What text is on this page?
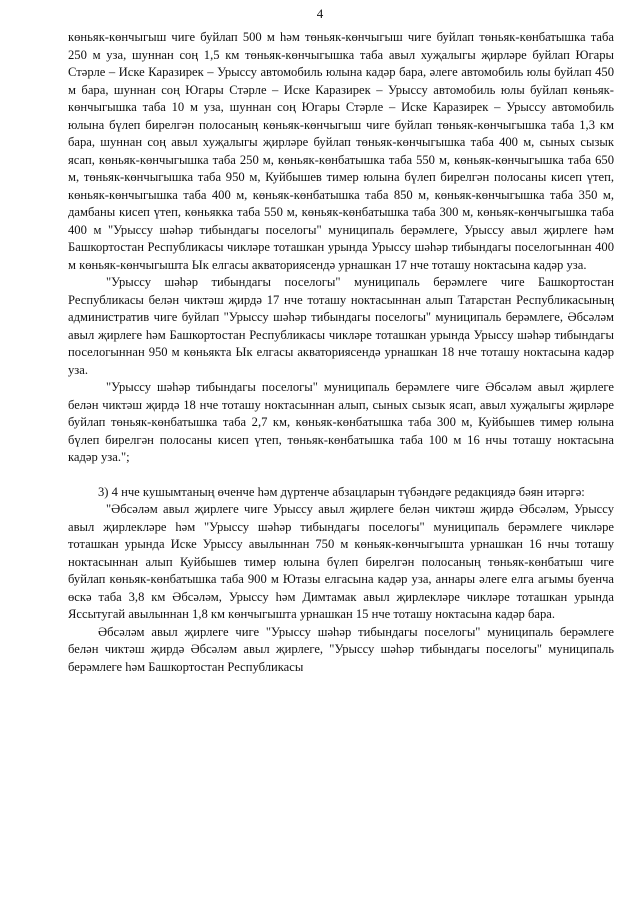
4

көньяк-көнчыгыш чиге буйлап 500 м һәм төньяк-көнчыгыш чиге буйлап төньяк-көнбатышка таба 250 м уза, шуннан соң 1,5 км төньяк-көнчыгышка таба авыл хуҗалыгы җирләре буйлап Югары Стәрле – Иске Каразирек – Урыссу автомобиль юлына кадәр бара, әлеге автомобиль юлы буйлап 450 м бара, шуннан соң Югары Стәрле – Иске Каразирек – Урыссу автомобиль юлы буйлап көньяк-көнчыгышка таба 10 м уза, шуннан соң Югары Стәрле – Иске Каразирек – Урыссу автомобиль юлына бүлеп бирелгән полосаның көньяк-көнчыгыш чиге буйлап төньяк-көнчыгышка таба 1,3 км бара, шуннан соң авыл хуҗалыгы җирләре буйлап төньяк-көнчыгышка таба 400 м, сыных сызык ясап, көньяк-көнчыгышка таба 250 м, көньяк-көнбатышка таба 550 м, көньяк-көнчыгышка таба 650 м, төньяк-көнчыгышка таба 950 м, Куйбышев тимер юлына бүлеп бирелгән полосаны кисеп үтеп, көньяк-көнчыгышка таба 400 м, көньяк-көнбатышка таба 850 м, көньяк-көнчыгышка таба 350 м, дамбаны кисеп үтеп, көньякка таба 550 м, көньяк-көнбатышка таба 300 м, көньяк-көнчыгышка таба 400 м "Урыссу шәһәр тибындагы поселогы" муниципаль берәмлеге, Урыссу авыл җирлеге һәм Башкортостан Республикасы чикләре тоташкан урында Урыссу шәһәр тибындагы поселогыннан 400 м көньяк-көнчыгышта Ык елгасы акваториясендә урнашкан 17 нче тоташу ноктасына кадәр уза.

"Урыссу шәһәр тибындагы поселогы" муниципаль берәмлеге чиге Башкортостан Республикасы белән чиктәш җирдә 17 нче тоташу ноктасыннан алып Татарстан Республикасының административ чиге буйлап "Урыссу шәһәр тибындагы поселогы" муниципаль берәмлеге, Әбсәләм авыл җирлеге һәм Башкортостан Республикасы чикләре тоташкан урында Урыссу шәһәр тибындагы поселогыннан 950 м көньякта Ык елгасы акваториясендә урнашкан 18 нче тоташу ноктасына кадәр уза.

"Урыссу шәһәр тибындагы поселогы" муниципаль берәмлеге чиге Әбсәләм авыл җирлеге белән чиктәш җирдә 18 нче тоташу ноктасыннан алып, сыных сызык ясап, авыл хуҗалыгы җирләре буйлап төньяк-көнбатышка таба 2,7 км, көньяк-көнбатышка таба 300 м, Куйбышев тимер юлына бүлеп бирелгән полосаны кисеп үтеп, төньяк-көнбатышка таба 100 м 16 нчы тоташу ноктасына кадәр уза.";

3) 4 нче кушымтаның өченче һәм дүртенче абзацларын түбәндәге редакциядә бәян итәргә:

"Әбсәләм авыл җирлеге чиге Урыссу авыл җирлеге белән чиктәш җирдә Әбсәләм, Урыссу авыл җирлекләре һәм "Урыссу шәһәр тибындагы поселогы" муниципаль берәмлеге чикләре тоташкан урында Иске Урыссу авылыннан 750 м көньяк-көнчыгышта урнашкан 16 нчы тоташу ноктасыннан алып Куйбышев тимер юлына бүлеп бирелгән полосаның төньяк-көнбатыш чиге буйлап көньяк-көнбатышка таба 900 м Ютазы елгасына кадәр уза, аннары әлеге елга агымы буенча өскә таба 3,8 км Әбсәләм, Урыссу һәм Димтамак авыл җирлекләре чикләре тоташкан урында Яссытугай авылыннан 1,8 км көнчыгышта урнашкан 15 нче тоташу ноктасына кадәр бара.

Әбсәләм авыл җирлеге чиге "Урыссу шәһәр тибындагы поселогы" муниципаль берәмлеге белән чиктәш җирдә Әбсәләм авыл җирлеге, "Урыссу шәһәр тибындагы поселогы" муниципаль берәмлеге һәм Башкортостан Республикасы
